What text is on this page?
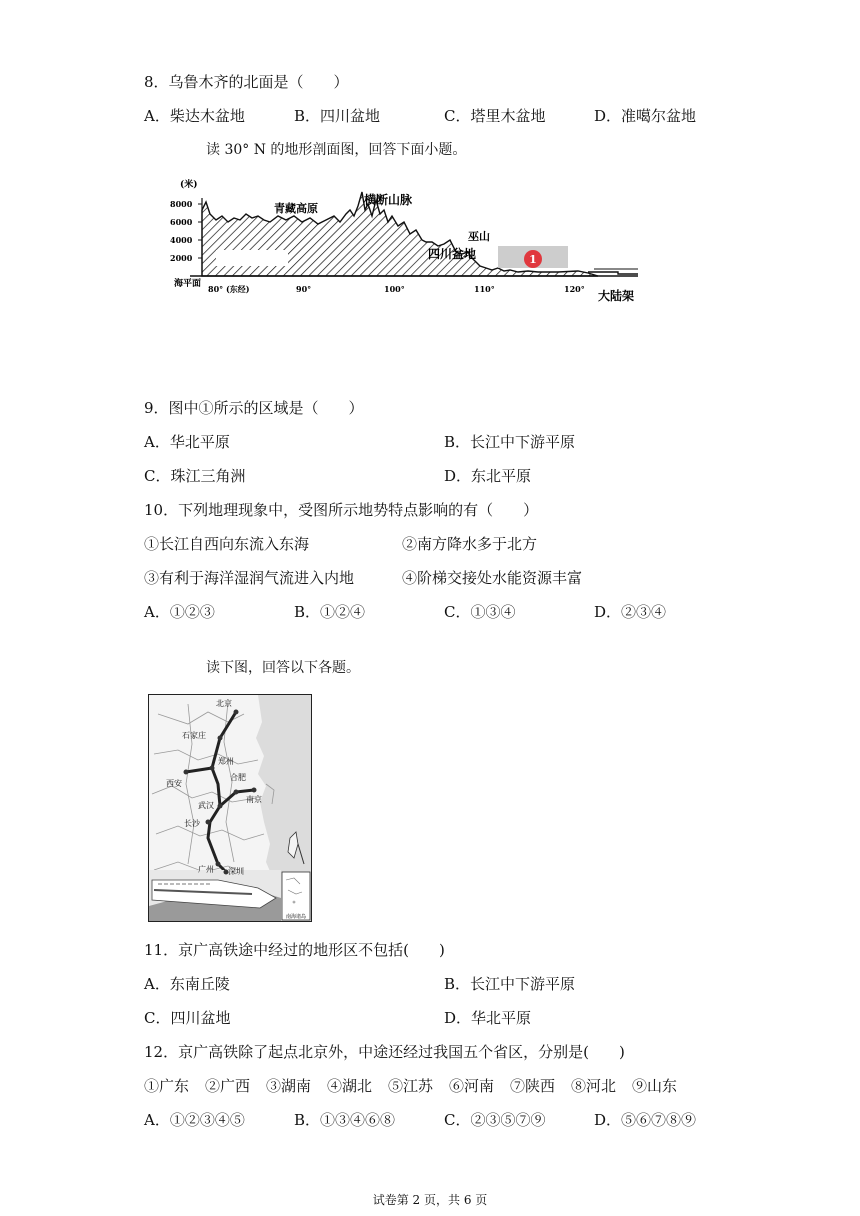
8．乌鲁木齐的北面是（　　）
A．柴达木盆地	B．四川盆地	C．塔里木盆地	D．准噶尔盆地
读 30° N 的地形剖面图，回答下面小题。
(米)
8000
6000
4000
2000
海平面
青藏高原
横断山脉
四川盆地
巫山
大陆架
1
80° (东经)	90°	100°	110°	120°
9．图中①所示的区域是（　　）
A．华北平原	B．长江中下游平原
C．珠江三角洲	D．东北平原
10．下列地理现象中，受图所示地势特点影响的有（　　）
①长江自西向东流入东海	②南方降水多于北方
③有利于海洋湿润气流进入内地	④阶梯交接处水能资源丰富
A．①②③	B．①②④	C．①③④	D．②③④
读下图，回答以下各题。
南海诸岛
北京
石家庄
郑州
西安
合肥
南京
武汉
长沙
广州 深圳
11．京广高铁途中经过的地形区不包括(　　)
A．东南丘陵	B．长江中下游平原
C．四川盆地	D．华北平原
12．京广高铁除了起点北京外，中途还经过我国五个省区，分别是(　　)
①广东 ②广西 ③湖南 ④湖北 ⑤江苏 ⑥河南 ⑦陕西 ⑧河北 ⑨山东
A．①②③④⑤	B．①③④⑥⑧	C．②③⑤⑦⑨	D．⑤⑥⑦⑧⑨
试卷第 2 页，共 6 页
